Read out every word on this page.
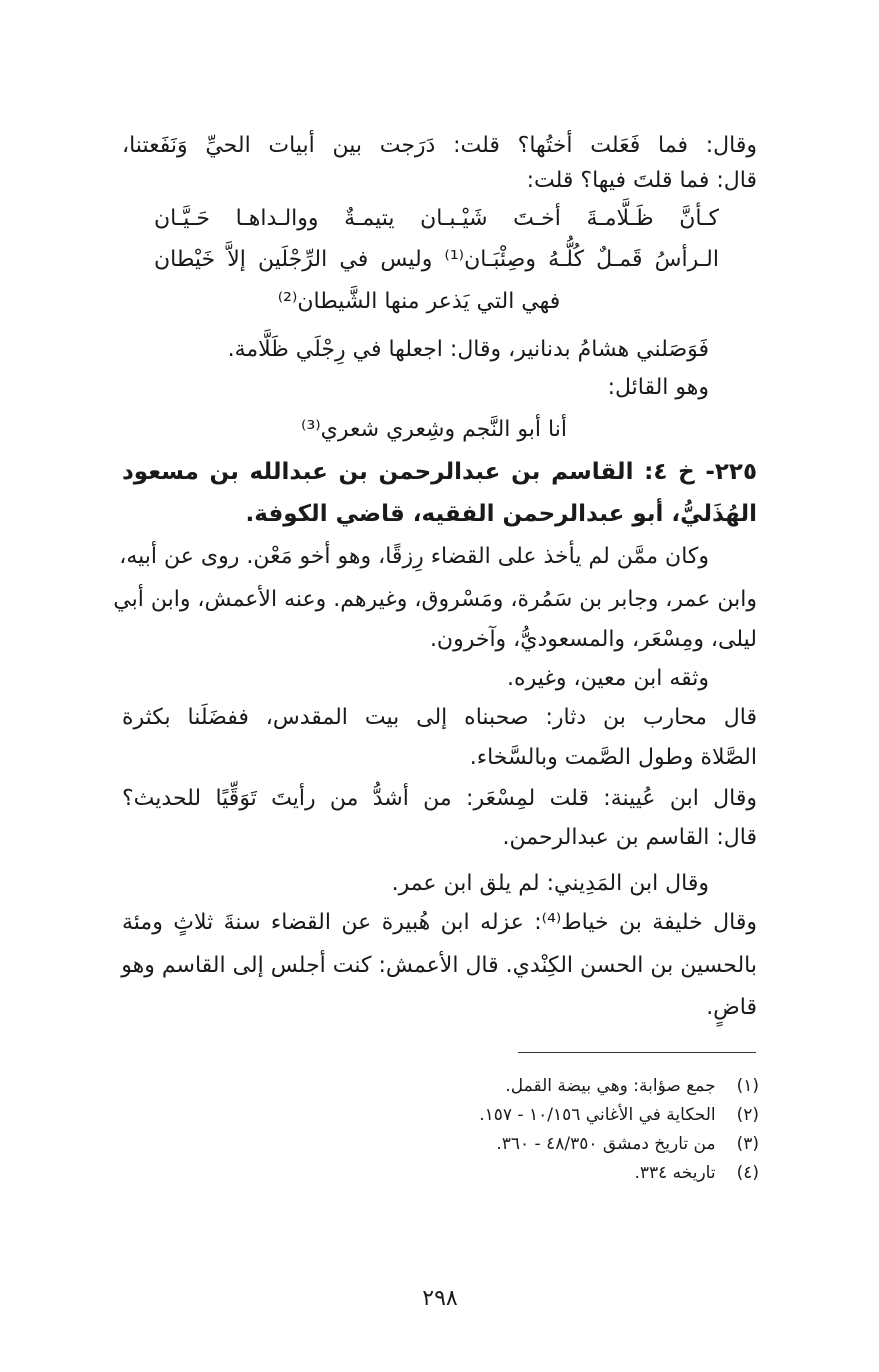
وقال: فما فَعَلت أختُها؟ قلت: دَرَجت بين أبيات الحيِّ وَنَفَعتنا،
قال: فما قلتَ فيها؟ قلت:
كـأنَّ ظَـلَّامـةَ أخـتَ شَيْـبـان يتيمـةٌ ووالـداهـا حَـيَّـان
الـرأسُ قَمـلٌ كُلُّـهُ وصِئْبَـان⁽¹⁾ وليس في الرِّجْلَين إلاَّ خَيْطان
فهي التي يَذعر منها الشَّيطان⁽²⁾
فَوَصَلني هشامُ بدنانير، وقال: اجعلها في رِجْلَي ظَلَّامة.
وهو القائل:
أنا أبو النَّجم وشِعري شعري⁽³⁾
٢٢٥- خ ٤: القاسم بن عبدالرحمن بن عبدالله بن مسعود
الهُذَليُّ، أبو عبدالرحمن الفقيه، قاضي الكوفة.
وكان ممَّن لم يأخذ على القضاء رِزقًا، وهو أخو مَعْن. روى عن أبيه،
وابن عمر، وجابر بن سَمُرة، ومَسْروق، وغيرهم. وعنه الأعمش، وابن أبي
ليلى، ومِسْعَر، والمسعوديُّ، وآخرون.
وثقه ابن معين، وغيره.
قال محارب بن دثار: صحبناه إلى بيت المقدس، ففضَلَنا بكثرة
الصَّلاة وطول الصَّمت وبالسَّخاء.
وقال ابن عُيينة: قلت لمِسْعَر: من أشدُّ من رأيتَ تَوَقِّيًا للحديث؟
قال: القاسم بن عبدالرحمن.
وقال ابن المَدِيني: لم يلق ابن عمر.
وقال خليفة بن خياط⁽⁴⁾: عزله ابن هُبيرة عن القضاء سنةَ ثلاثٍ ومئة
بالحسين بن الحسن الكِنْدي. قال الأعمش: كنت أجلس إلى القاسم وهو
قاضٍ.
(١) جمع صؤابة: وهي بيضة القمل.
(٢) الحكاية في الأغاني ١٠/١٥٦ - ١٥٧.
(٣) من تاريخ دمشق ٤٨/٣٥٠ - ٣٦٠.
(٤) تاريخه ٣٣٤.
٢٩٨
